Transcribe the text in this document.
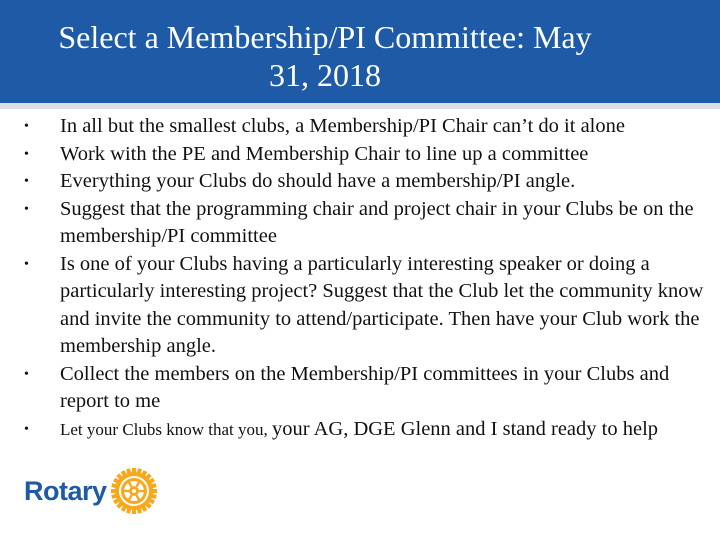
Select a Membership/PI Committee: May
31, 2018
•	In all but the smallest clubs, a Membership/PI Chair can’t do it alone
•	Work with the PE and Membership Chair to line up a committee
•	Everything your Clubs do should have a membership/PI angle.
•	Suggest that the programming chair and project chair in your Clubs be on the membership/PI committee
•	Is one of your Clubs having a particularly interesting speaker or doing a particularly interesting project? Suggest that the Club let the community know and invite the community to attend/participate. Then have your Club work the membership angle.
•	Collect the members on the Membership/PI committees in your Clubs and report to me
•	Let your Clubs know that you, your AG, DGE Glenn and I stand ready to help
Rotary
